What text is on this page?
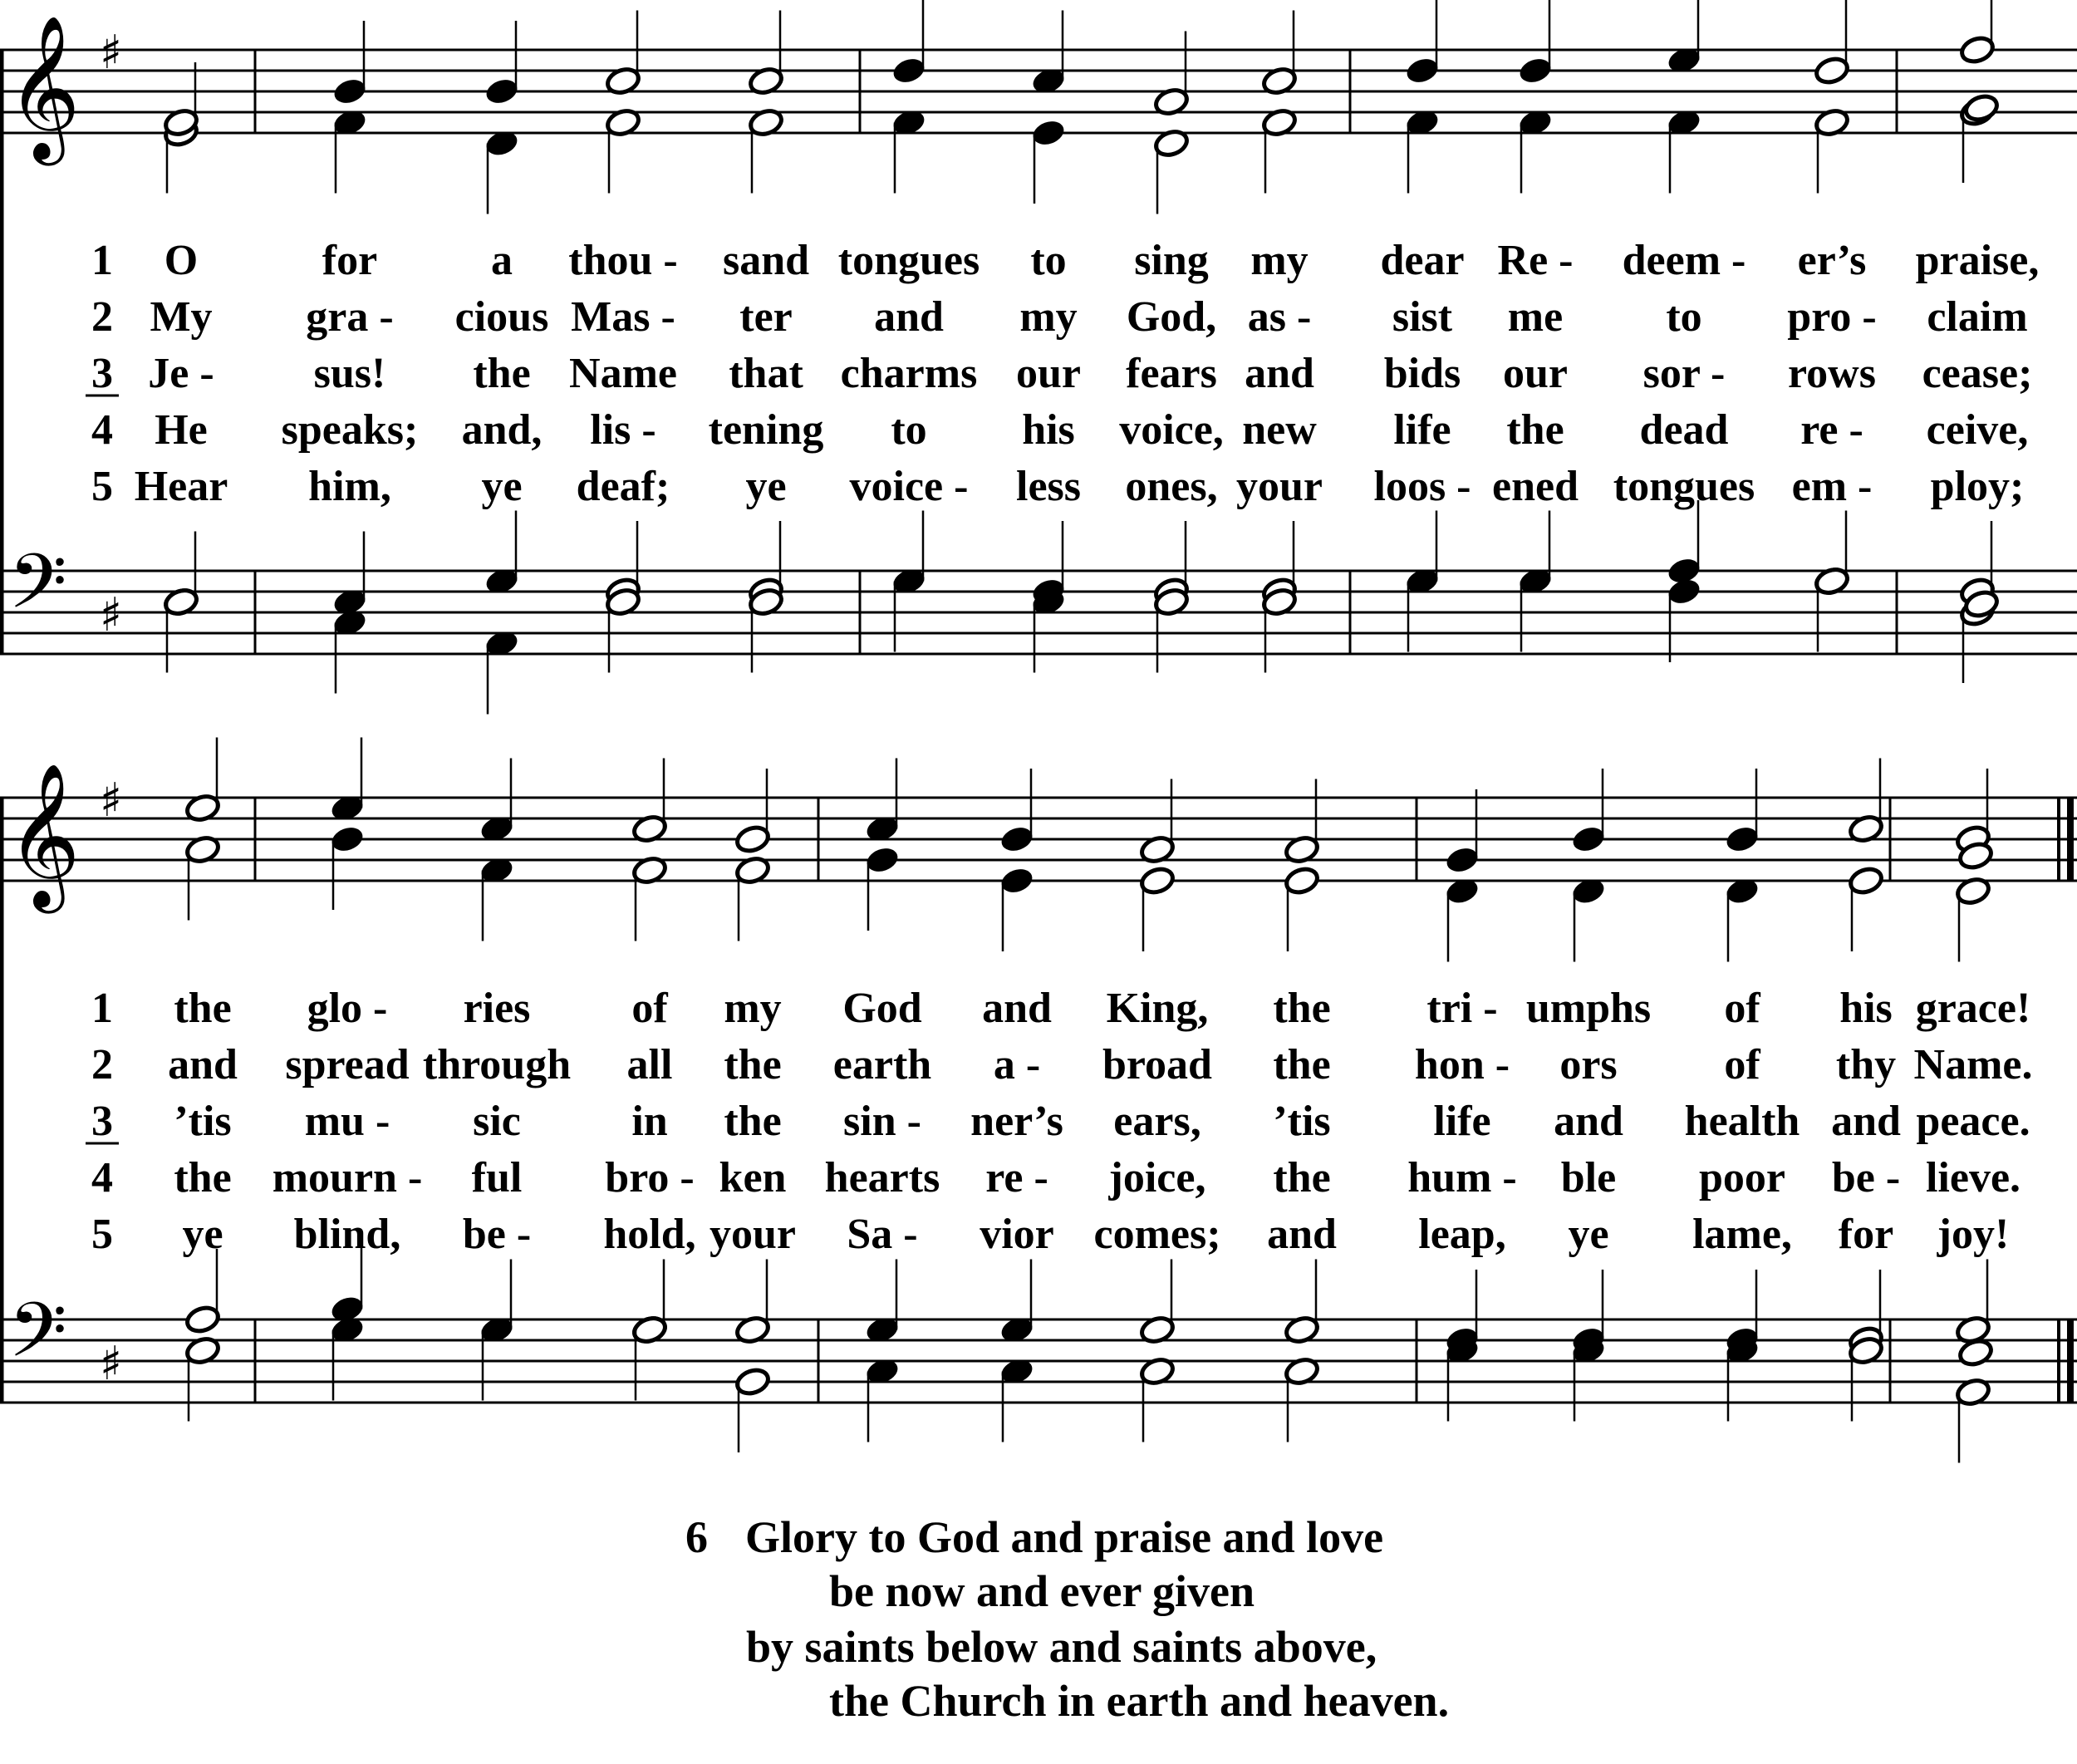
𝄞
𝄢
♯
♯
𝄞
𝄢
♯
♯
1 O	for	a thou - sand tongues to sing my dear Re - deem - er’s praise,
2 My gra - cious Mas - ter and my God, as - sist me to pro - claim
3 Je - sus! the Name that charms our fears and bids our sor - rows cease;
4 He speaks; and, lis - tening to his voice, new life the dead re - ceive,
5 Hear him, ye deaf; ye voice - less ones, your loos - ened tongues em - ploy;
1 the glo - ries of my God and King, the tri - umphs of his grace!
2 and spread through all the earth a - broad the hon - ors of thy Name.
3 ’tis mu - sic	in the sin - ner’s ears, ’tis life and health and peace.
4 the mourn - ful bro - ken hearts re - joice, the hum - ble poor be - lieve.
5 ye blind, be - hold, your Sa - vior comes; and leap, ye lame, for joy!
6 Glory to God and praise and love
be now and ever given
by saints below and saints above,
the Church in earth and heaven.
